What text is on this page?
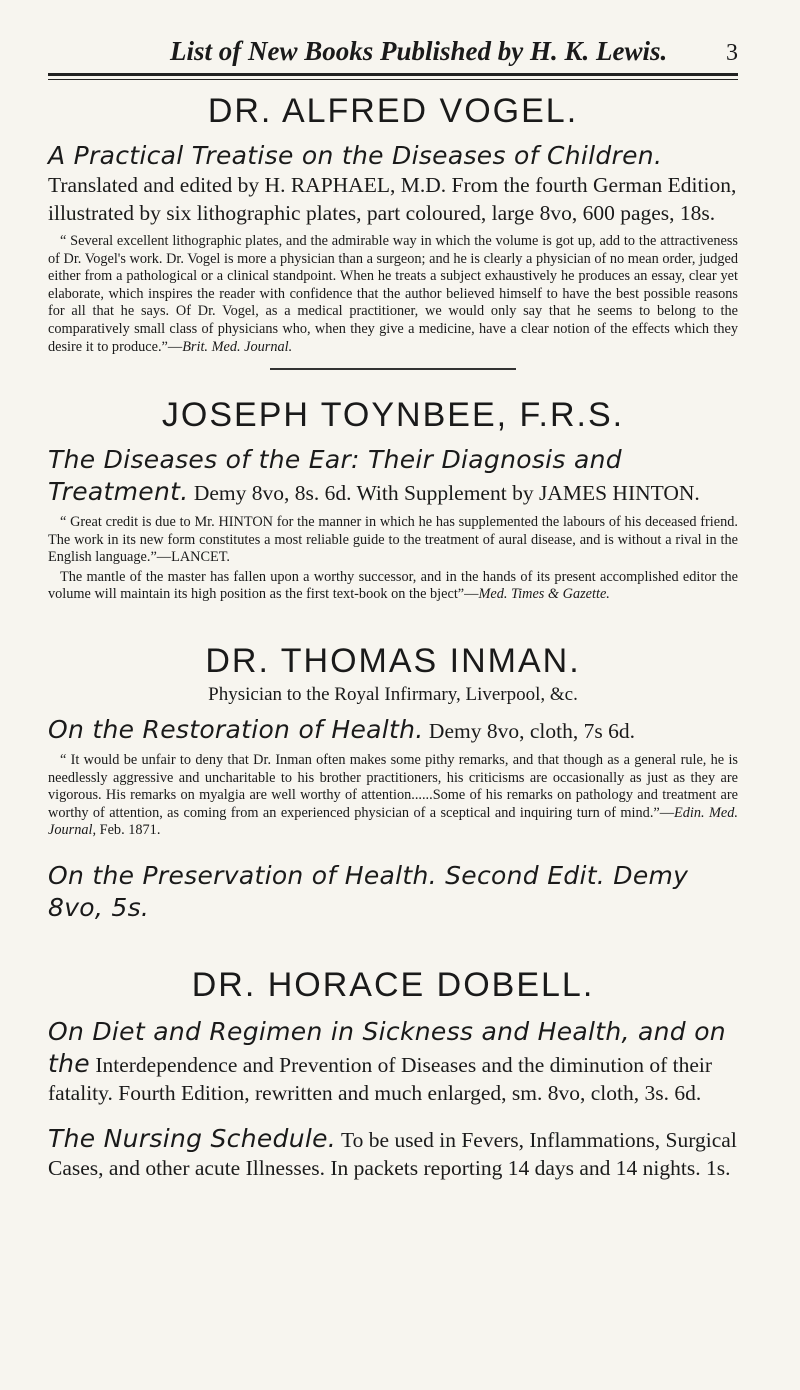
List of New Books Published by H. K. Lewis. 3
DR. ALFRED VOGEL.

A Practical Treatise on the Diseases of Children. Translated and edited by H. RAPHAEL, M.D. From the fourth German Edition, illustrated by six lithographic plates, part coloured, large 8vo, 600 pages, 18s.

“ Several excellent lithographic plates, and the admirable way in which the volume is got up, add to the attractiveness of Dr. Vogel's work. Dr. Vogel is more a physician than a surgeon; and he is clearly a physician of no mean order, judged either from a pathological or a clinical standpoint. When he treats a subject exhaustively he produces an essay, clear yet elaborate, which inspires the reader with confidence that the author believed himself to have the best possible reasons for all that he says. Of Dr. Vogel, as a medical practitioner, we would only say that he seems to belong to the comparatively small class of physicians who, when they give a medicine, have a clear notion of the effects which they desire it to produce.”—Brit. Med. Journal.

JOSEPH TOYNBEE, F.R.S.

The Diseases of the Ear: Their Diagnosis and Treatment. Demy 8vo, 8s. 6d. With Supplement by JAMES HINTON.

“ Great credit is due to Mr. HINTON for the manner in which he has supplemented the labours of his deceased friend. The work in its new form constitutes a most reliable guide to the treatment of aural disease, and is without a rival in the English language.”—LANCET.

The mantle of the master has fallen upon a worthy successor, and in the hands of its present accomplished editor the volume will maintain its high position as the first text-book on the bject”—Med. Times & Gazette.

DR. THOMAS INMAN.
Physician to the Royal Infirmary, Liverpool, &c.

On the Restoration of Health. Demy 8vo, cloth, 7s 6d.

“ It would be unfair to deny that Dr. Inman often makes some pithy remarks, and that though as a general rule, he is needlessly aggressive and uncharitable to his brother practitioners, his criticisms are occasionally as just as they are vigorous. His remarks on myalgia are well worthy of attention......Some of his remarks on pathology and treatment are worthy of attention, as coming from an experienced physician of a sceptical and inquiring turn of mind.”—Edin. Med. Journal, Feb. 1871.

On the Preservation of Health. Second Edit. Demy 8vo, 5s.

DR. HORACE DOBELL.

On Diet and Regimen in Sickness and Health, and on the Interdependence and Prevention of Diseases and the diminution of their fatality. Fourth Edition, rewritten and much enlarged, sm. 8vo, cloth, 3s. 6d.

The Nursing Schedule. To be used in Fevers, Inflammations, Surgical Cases, and other acute Illnesses. In packets reporting 14 days and 14 nights. 1s.
